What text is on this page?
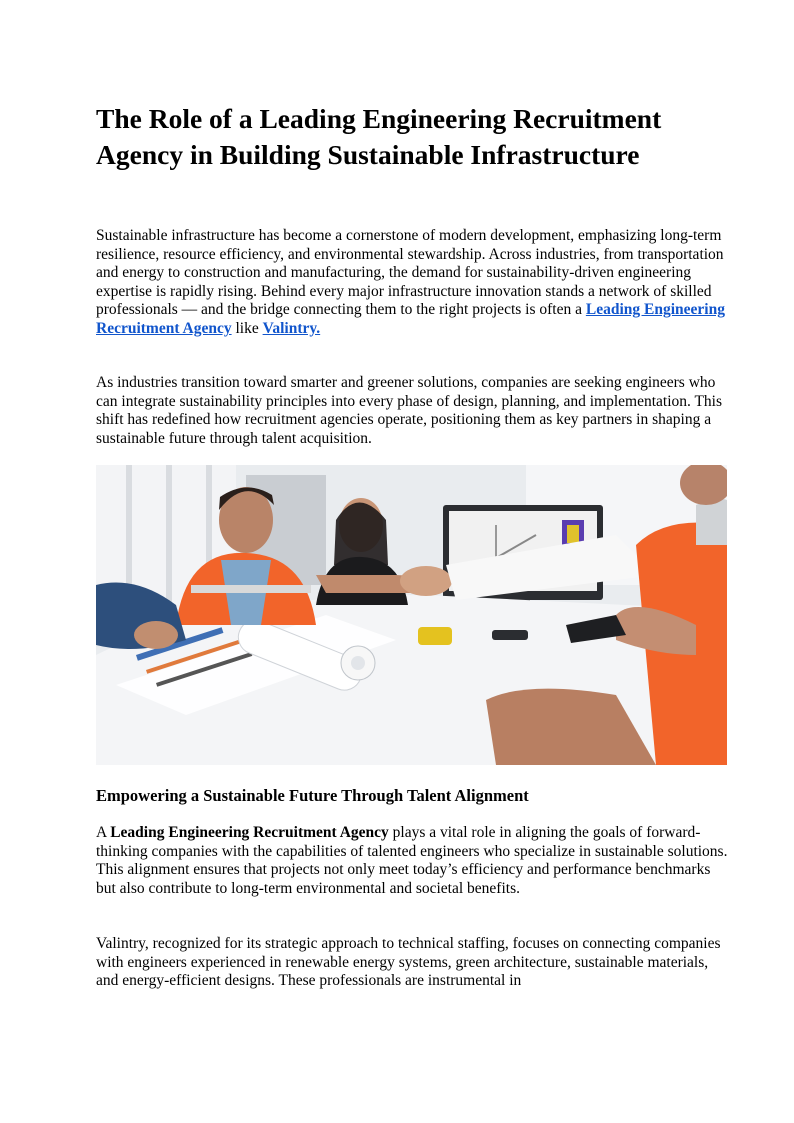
The Role of a Leading Engineering Recruitment Agency in Building Sustainable Infrastructure

Sustainable infrastructure has become a cornerstone of modern development, emphasizing long-term resilience, resource efficiency, and environmental stewardship. Across industries, from transportation and energy to construction and manufacturing, the demand for sustainability-driven engineering expertise is rapidly rising. Behind every major infrastructure innovation stands a network of skilled professionals — and the bridge connecting them to the right projects is often a Leading Engineering Recruitment Agency like Valintry.

As industries transition toward smarter and greener solutions, companies are seeking engineers who can integrate sustainability principles into every phase of design, planning, and implementation. This shift has redefined how recruitment agencies operate, positioning them as key partners in shaping a sustainable future through talent acquisition.

Empowering a Sustainable Future Through Talent Alignment

A Leading Engineering Recruitment Agency plays a vital role in aligning the goals of forward-thinking companies with the capabilities of talented engineers who specialize in sustainable solutions. This alignment ensures that projects not only meet today’s efficiency and performance benchmarks but also contribute to long-term environmental and societal benefits.

Valintry, recognized for its strategic approach to technical staffing, focuses on connecting companies with engineers experienced in renewable energy systems, green architecture, sustainable materials, and energy-efficient designs. These professionals are instrumental in
